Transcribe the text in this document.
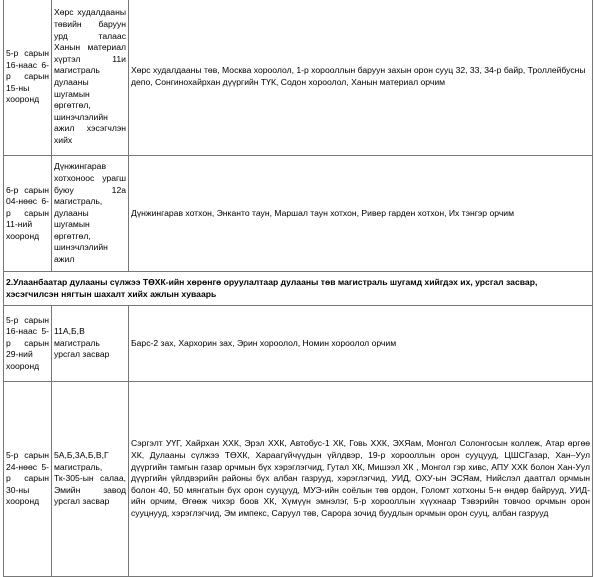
5-р сарын 16-наас 6-р сарын 15-ны хооронд	Хөрс худалдааны төвийн баруун урд талаас Ханын материал хүртэл 11и магистраль дулааны шугамын өргөтгөл, шинэчлэлийн ажил хэсэгчлэн хийх	Хөрс худалдааны төв, Москва хороолол, 1-р хорооллын баруун захын орон сууц 32, 33, 34-р байр, Троллейбусны депо, Сонгинохайрхан дүүргийн ТҮК, Содон хороолол, Ханын материал орчим
6-р сарын 04-нөөс 6-р сарын 11-ний хооронд	Дүнжингарав хотхоноос урагш буюу 12а магистраль, дулааны шугамын өргөтгөл, шинэчлэлийн ажил	Дүнжингарав хотхон, Энканто таун, Маршал таун хотхон, Ривер гарден хотхон, Их тэнгэр орчим

2.Улаанбаатар дулааны сүлжээ ТӨХК-ийн хөрөнгө оруулалтаар дулааны төв магистраль шугамд хийгдэх их, урсгал засвар,
хэсэгчилсэн нягтын шахалт хийх ажлын хуваарь		

5-р сарын 16-наас 5-р сарын 29-ний хооронд	11А,Б,В магистраль урсгал засвар	Барс-2 зах, Хархорин зах, Эрин хороолол, Номин хороолол орчим
5-р сарын 24-нөөс 5-р сарын 30-ны хооронд	5А,Б,3А,Б,В,Г магистраль, Тк-305-ын салаа, Эмийн завод урсгал засвар	Сэргэлт УҮГ, Хайрхан ХХК, Эрэл ХХК, Автобус-1 ХК, Говь ХХК, ЭХЯам, Монгол Солонгосын коллеж, Атар өргөө ХК, Дулааны сүлжээ ТӨХК, Хараагүйчүүдын үйлдвэр, 19-р хорооллын орон сууцууд, ЦШСГазар, Хан–Уул дүүргийн тамгын газар орчмын бүх хэрэглэгчид, Гутал ХК, Мишээл ХК , Монгол гэр хивс, АПУ ХХК болон Хан-Уул дүүргийн үйлдвэрийн районы бүх албан газрууд, хэрэглэгчид, УИД, ОХУ-ын ЭСЯам, Нийслэл даатгал орчмын болон 40, 50 мянгатын бүх орон сууцууд, МУЭ-ийн соёлын төв ордон, Голомт хотхоны 5-н өндөр байрууд, УИД-ийн орчим, Өгөөж чихэр боов ХК, Хүмүүн эмнэлэг, 5-р хорооллын хүүхнаар Тэвэрийн товчоо орчмын орон сууцнууд, хэрэглэгчид, Эм импекс, Саруул төв, Сарора зочид буудлын орчмын орон сууц, албан газрууд
